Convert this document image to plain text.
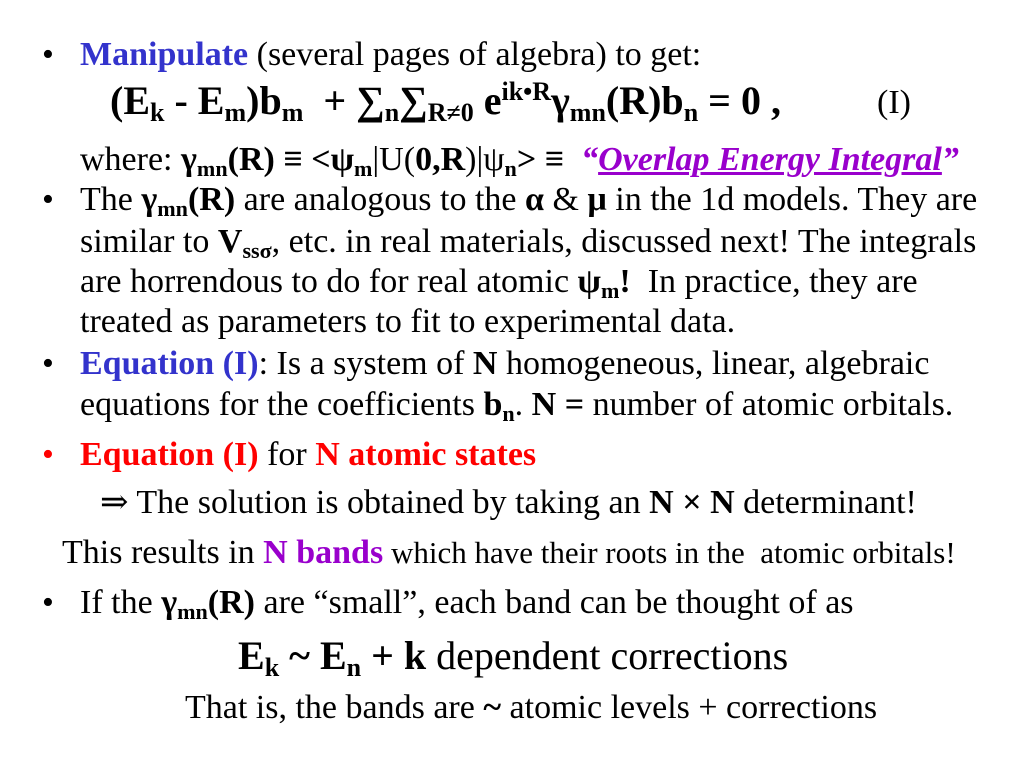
• Manipulate (several pages of algebra) to get:
(E k - E m )b m + ∑ n ∑ R≠0 e ik•R γ mn (R)b n = 0 ,	(I)
where: γ mn (R) ≡ <ψ m |U( 0,R )|ψ n > ≡ “ Overlap Energy Integral ”
• The γ mn (R) are analogous to the α & μ in the 1d models. They are
similar to V ssσ , etc. in real materials, discussed next! The integrals
are horrendous to do for real atomic ψ m ! In practice, they are
treated as parameters to fit to experimental data.
• Equation (I) : Is a system of N homogeneous, linear, algebraic
equations for the coefficients b n . N = number of atomic orbitals.
• Equation (I) for N atomic states
⇒ The solution is obtained by taking an N × N determinant!
This results in N bands which have their roots in the  atomic orbitals!
• If the γ mn (R) are “small”, each band can be thought of as
E k ~ E n + k dependent corrections
That is, the bands are ~ atomic levels + corrections
